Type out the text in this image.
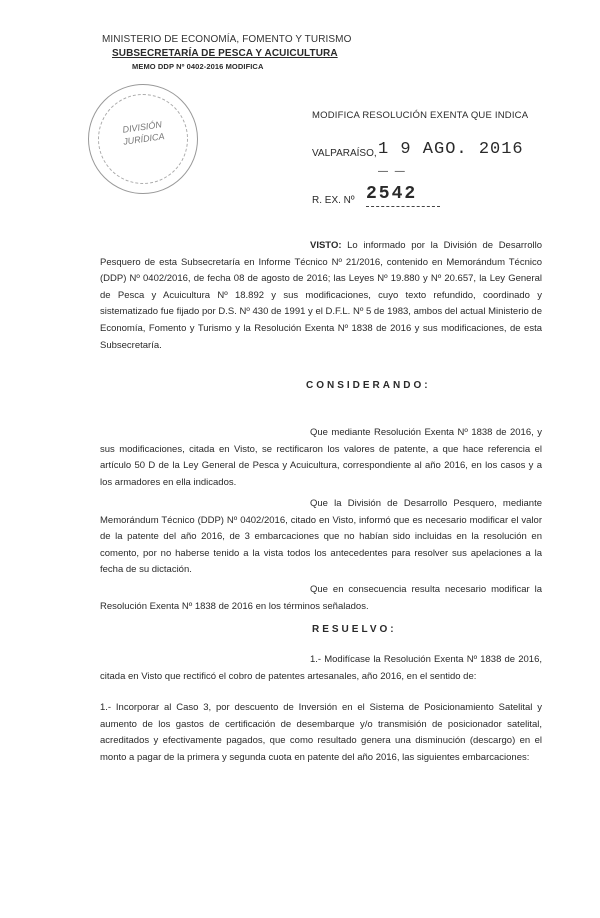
MINISTERIO DE ECONOMÍA, FOMENTO Y TURISMO
SUBSECRETARÍA DE PESCA Y ACUICULTURA
MEMO DDP Nº 0402-2016 MODIFICA
DIVISIÓN
JURÍDICA
MODIFICA RESOLUCIÓN EXENTA QUE INDICA
VALPARAÍSO, 1 9 AGO. 2016
— —
R. EX. Nº 2542
VISTO: Lo informado por la División de Desarrollo Pesquero de esta Subsecretaría en Informe Técnico Nº 21/2016, contenido en Memorándum Técnico (DDP) Nº 0402/2016, de fecha 08 de agosto de 2016; las Leyes Nº 19.880 y Nº 20.657, la Ley General de Pesca y Acuicultura Nº 18.892 y sus modificaciones, cuyo texto refundido, coordinado y sistematizado fue fijado por D.S. Nº 430 de 1991 y el D.F.L. Nº 5 de 1983, ambos del actual Ministerio de Economía, Fomento y Turismo y la Resolución Exenta Nº 1838 de 2016 y sus modificaciones, de esta Subsecretaría.
CONSIDERANDO:
Que mediante Resolución Exenta Nº 1838 de 2016, y sus modificaciones, citada en Visto, se rectificaron los valores de patente, a que hace referencia el artículo 50 D de la Ley General de Pesca y Acuicultura, correspondiente al año 2016, en los casos y a los armadores en ella indicados.
Que la División de Desarrollo Pesquero, mediante Memorándum Técnico (DDP) Nº 0402/2016, citado en Visto, informó que es necesario modificar el valor de la patente del año 2016, de 3 embarcaciones que no habían sido incluidas en la resolución en comento, por no haberse tenido a la vista todos los antecedentes para resolver sus apelaciones a la fecha de su dictación.
Que en consecuencia resulta necesario modificar la Resolución Exenta Nº 1838 de 2016 en los términos señalados.
RESUELVO:
1.- Modifícase la Resolución Exenta Nº 1838 de 2016, citada en Visto que rectificó el cobro de patentes artesanales, año 2016, en el sentido de:
1.- Incorporar al Caso 3, por descuento de Inversión en el Sistema de Posicionamiento Satelital y aumento de los gastos de certificación de desembarque y/o transmisión de posicionador satelital, acreditados y efectivamente pagados, que como resultado genera una disminución (descargo) en el monto a pagar de la primera y segunda cuota en patente del año 2016, las siguientes embarcaciones:
